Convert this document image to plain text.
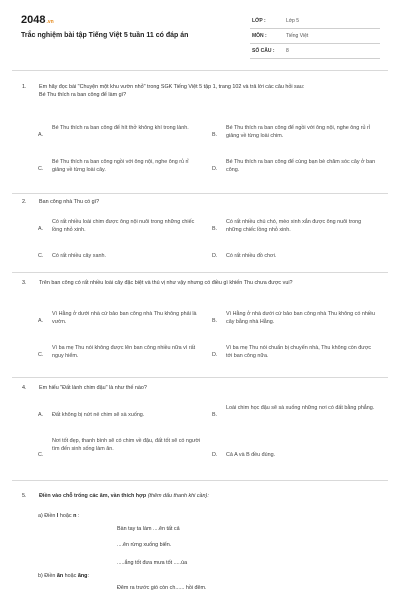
2048.vn
Trắc nghiệm bài tập Tiếng Việt 5 tuần 11 có đáp án
LỚP :	Lớp 5
MÔN :	Tiếng Việt
SỐ CÂU : 8
1.	Em hãy đọc bài "Chuyện một khu vườn nhỏ" trong SGK Tiếng Việt 5 tập 1, trang 102 và trả lời các câu hỏi sau:
Bé Thu thích ra ban công để làm gì?
A.
Bé Thu thích ra ban công để hít thở không khí trong lành.
B.
Bé Thu thích ra ban công để ngồi với ông nội, nghe ông rủ rỉ giảng về từng loài chim.
C.
Bé Thu thích ra ban công ngồi với ông nội, nghe ông rủ rỉ giảng về từng loài cây.	D.
Bé Thu thích ra ban công để cùng bạn bè chăm sóc cây ở ban công.
2.	Ban công nhà Thu có gì?
A.
Có rất nhiều loài chim được ông nội nuôi trong những chiếc lồng nhỏ xinh.	B.
Có rất nhiều chú chó, mèo xinh xắn được ông nuôi trong những chiếc lồng nhỏ xinh.
C.	Có rất nhiều cây xanh.	D.	Có rất nhiều đồ chơi.
3.	Trên ban công có rất nhiều loài cây đặc biệt và thú vị như vậy nhưng có điều gì khiến Thu chưa được vui?
A.
Vì Hằng ở dưới nhà cứ bảo ban công nhà Thu không phải là vườn.	B.
Vì Hằng ở nhà dưới cứ bảo ban công nhà Thu không có nhiều cây bằng nhà Hằng.
C.
Vì ba mẹ Thu nói không được lên ban công nhiều nữa vì rất nguy hiểm.	D.
Vì ba mẹ Thu nói chuẩn bị chuyển nhà, Thu không còn được tới ban công nữa.
4.	Em hiểu "Đất lành chim đậu" là như thế nào?
A.	Đất không bị nứt nẻ chim sẽ sà xuống.	B.
Loài chim học đậu sẽ sà xuống những nơi có đất bằng phẳng.
C.
Nơi tốt đẹp, thanh bình sẽ có chim về đậu, đất tốt sẽ có người tìm đến sinh sống làm ăn.
D.	Cả A và B đều đúng.
5.	Điền vào chỗ trống các âm, vần thích hợp (thêm dấu thanh khi cần):
a) Điền l hoặc n :
Bàn tay ta làm ....ên tất cả
....ên rừng xuống biển.
.....ắng tốt đưa mưa tốt .....ùa
b) Điền ăn hoặc ăng:
Đêm ra trước gió còn ch...... hồi đêm.
